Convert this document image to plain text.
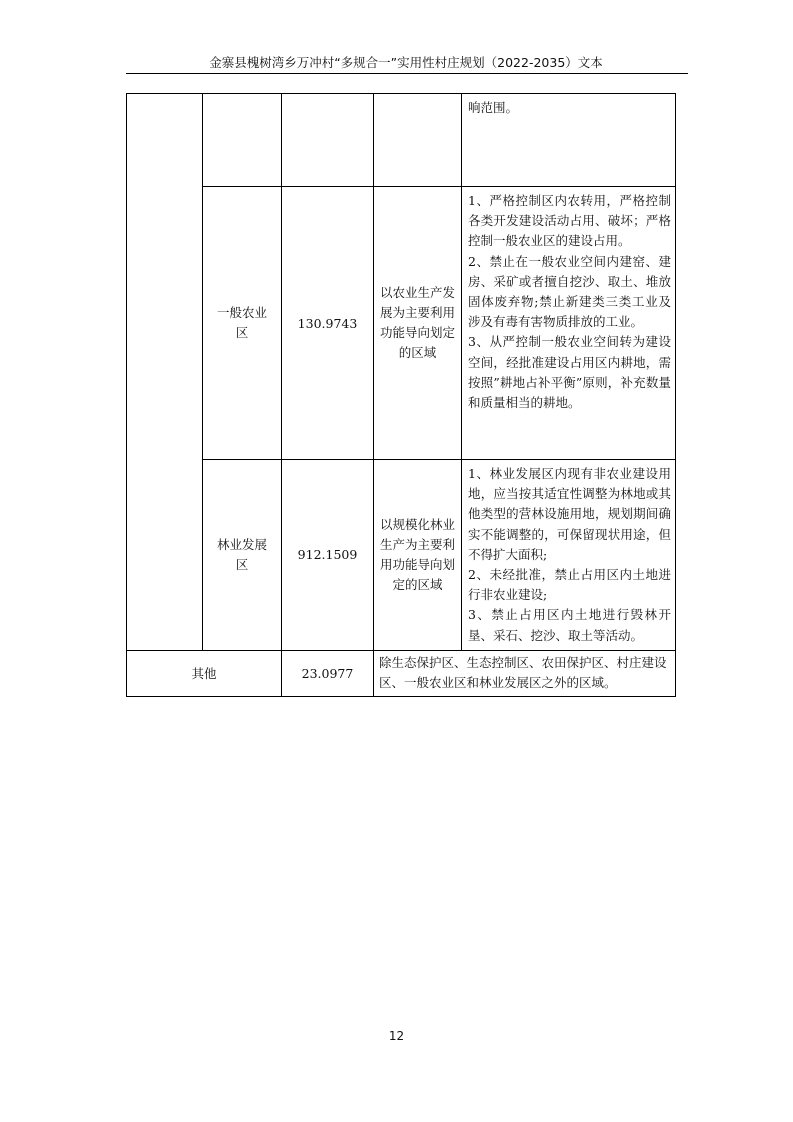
金寨县槐树湾乡万冲村“多规合一”实用性村庄规划（2022-2035）文本

				响范围。

	一般农业区	130.9743	以农业生产发展为主要利用功能导向划定的区域	1、严格控制区内农转用，严格控制各类开发建设活动占用、破坏；严格控制一般农业区的建设占用。

2、禁止在一般农业空间内建窑、建房、采矿或者擅自挖沙、取土、堆放固体废弃物;禁止新建类三类工业及涉及有毒有害物质排放的工业。

3、从严控制一般农业空间转为建设空间，经批准建设占用区内耕地，需按照”耕地占补平衡”原则，补充数量和质量相当的耕地。

	林业发展区	912.1509	以规模化林业生产为主要利用功能导向划定的区域	1、林业发展区内现有非农业建设用地，应当按其适宜性调整为林地或其他类型的营林设施用地，规划期间确实不能调整的，可保留现状用途，但不得扩大面积;

2、未经批准，禁止占用区内土地进行非农业建设;

3、禁止占用区内土地进行毁林开垦、采石、挖沙、取土等活动。

其他		23.0977	除生态保护区、生态控制区、农田保护区、村庄建设区、一般农业区和林业发展区之外的区域。	
12
